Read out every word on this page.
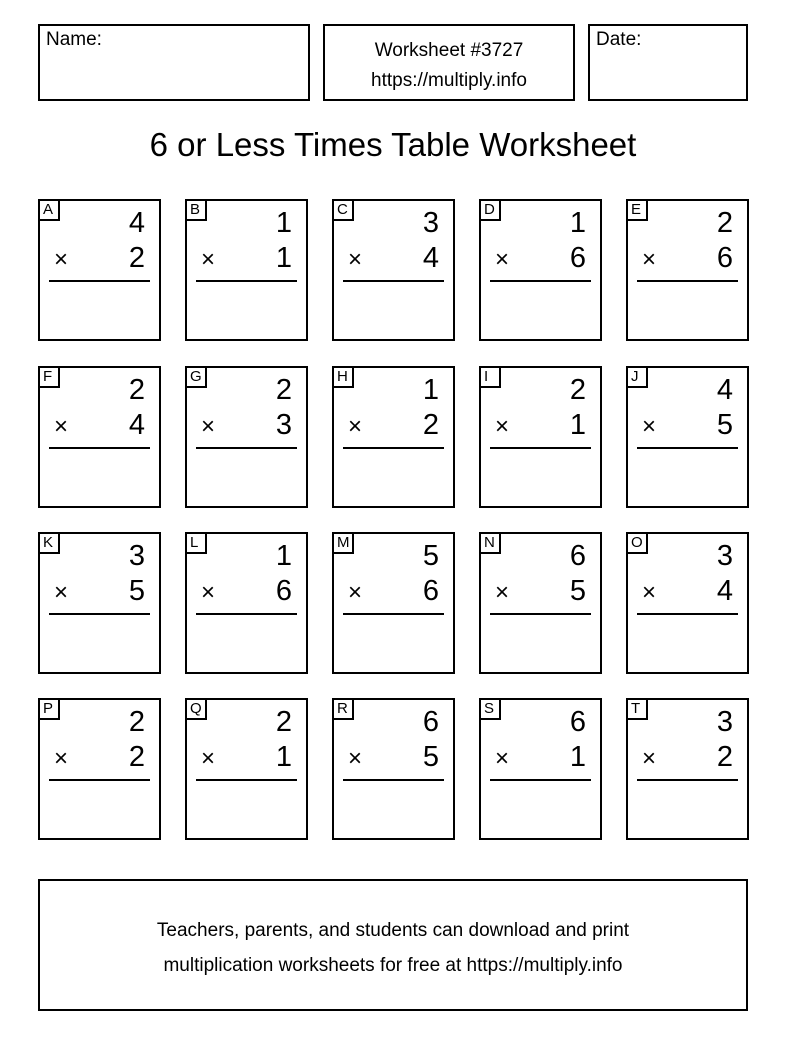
Name:
Worksheet #3727
https://multiply.info
Date:
6 or Less Times Table Worksheet
A	4
× 2
B	1
× 1
C	3
× 4
D	1
× 6
E	2
× 6
F	2
× 4
G	2
× 3
H	1
× 2
I	2
× 1
J	4
× 5
K	3
× 5
L	1
× 6
M	5
× 6
N	6
× 5
O	3
× 4
P	2
× 2
Q	2
× 1
R	6
× 5
S	6
× 1
T	3
× 2
Teachers, parents, and students can download and print
multiplication worksheets for free at https://multiply.info
